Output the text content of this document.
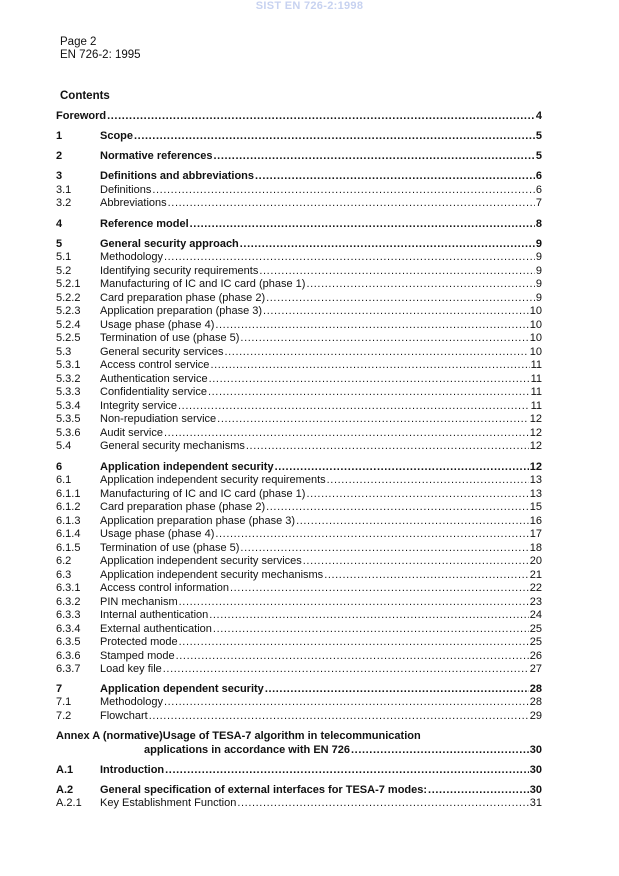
SIST EN 726-2:1998
Page 2
EN 726-2: 1995
Contents
Foreword .....	4
1	Scope .....	5
2	Normative references .....	5
3	Definitions and abbreviations .....	6
3.1	Definitions .....	6
3.2	Abbreviations .....	7
4	Reference model .....	8
5	General security approach .....	9
5.1	Methodology .....	9
5.2	Identifying security requirements .....	9
5.2.1	Manufacturing of IC and IC card (phase 1) .....	9
5.2.2	Card preparation phase (phase 2) .....	9
5.2.3	Application preparation (phase 3) .....	10
5.2.4	Usage phase (phase 4) .....	10
5.2.5	Termination of use (phase 5) .....	10
5.3	General security services .....	10
5.3.1	Access control service .....	11
5.3.2	Authentication service .....	11
5.3.3	Confidentiality service .....	11
5.3.4	Integrity service .....	11
5.3.5	Non-repudiation service .....	12
5.3.6	Audit service .....	12
5.4	General security mechanisms .....	12
6	Application independent security .....	12
6.1	Application independent security requirements .....	13
6.1.1	Manufacturing of IC and IC card (phase 1) .....	13
6.1.2	Card preparation phase (phase 2) .....	15
6.1.3	Application preparation phase (phase 3) .....	16
6.1.4	Usage phase (phase 4) .....	17
6.1.5	Termination of use (phase 5) .....	18
6.2	Application independent security services .....	20
6.3	Application independent security mechanisms .....	21
6.3.1	Access control information .....	22
6.3.2	PIN mechanism .....	23
6.3.3	Internal authentication .....	24
6.3.4	External authentication .....	25
6.3.5	Protected mode .....	25
6.3.6	Stamped mode .....	26
6.3.7	Load key file .....	27
7	Application dependent security .....	28
7.1	Methodology .....	28
7.2	Flowchart .....	29
Annex A (normative) Usage of TESA-7 algorithm in telecommunication
applications in accordance with EN 726 .....	30
A.1	Introduction .....	30
A.2	General specification of external interfaces for TESA-7 modes: .....	30
A.2.1	Key Establishment Function .....	31
